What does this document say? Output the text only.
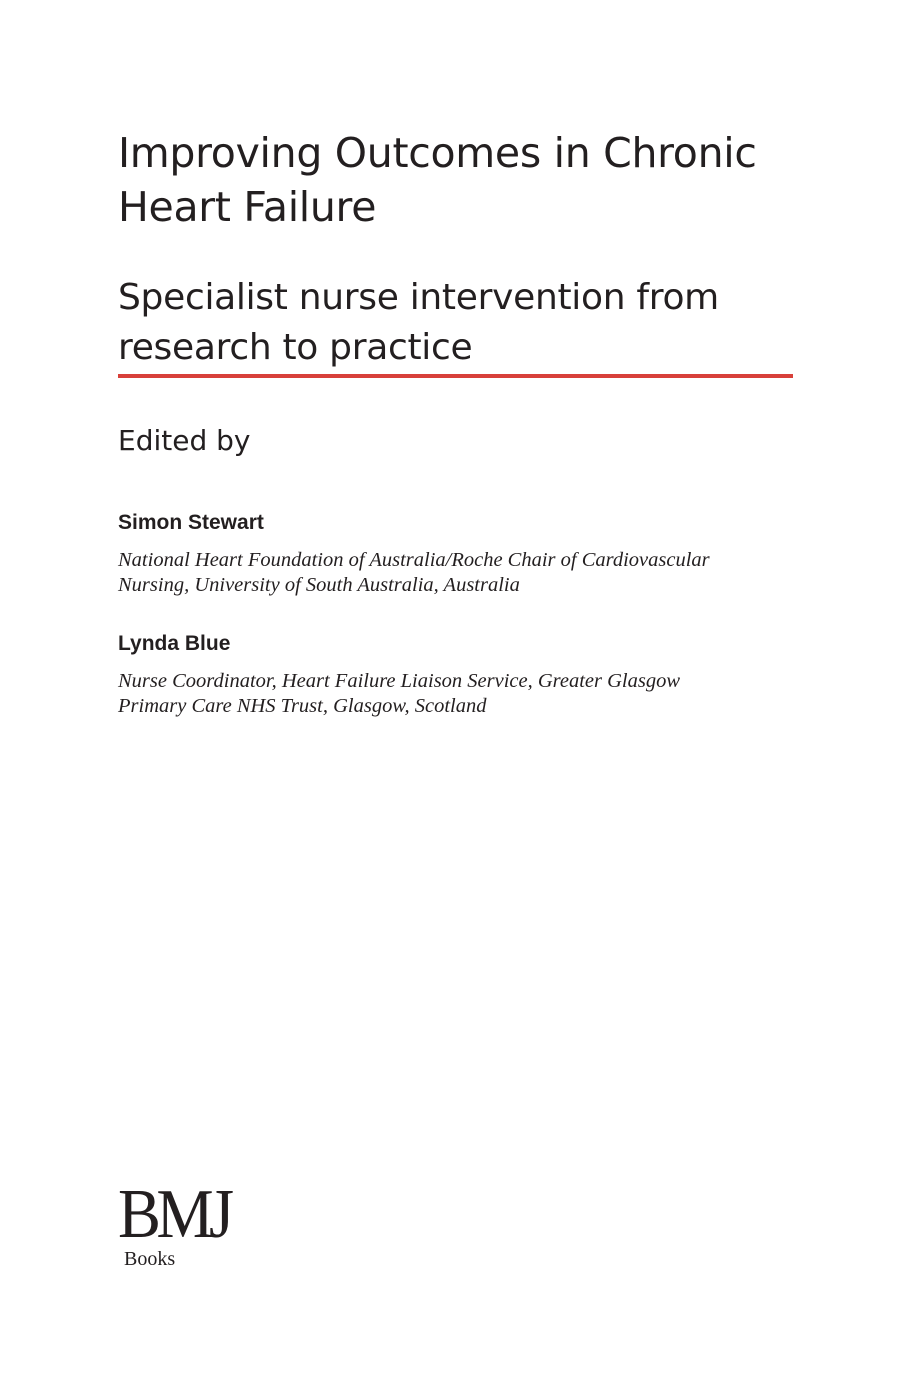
Improving Outcomes in Chronic
Heart Failure
Specialist nurse intervention from
research to practice

Edited by

Simon Stewart

National Heart Foundation of Australia/Roche Chair of Cardiovascular
Nursing, University of South Australia, Australia

Lynda Blue

Nurse Coordinator, Heart Failure Liaison Service, Greater Glasgow
Primary Care NHS Trust, Glasgow, Scotland

BMJ
Books
